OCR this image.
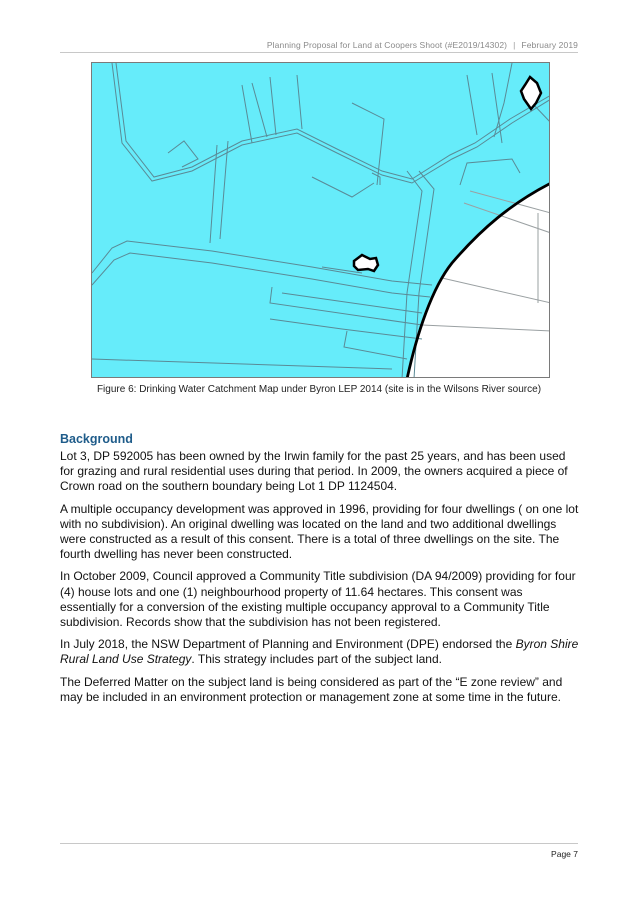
Planning Proposal for Land at Coopers Shoot (#E2019/14302) | February 2019
Figure 6: Drinking Water Catchment Map under Byron LEP 2014 (site is in the Wilsons River source)
Background

Lot 3, DP 592005 has been owned by the Irwin family for the past 25 years, and has been used for grazing and rural residential uses during that period. In 2009, the owners acquired a piece of Crown road on the southern boundary being Lot 1 DP 1124504.

A multiple occupancy development was approved in 1996, providing for four dwellings ( on one lot with no subdivision). An original dwelling was located on the land and two additional dwellings were constructed as a result of this consent. There is a total of three dwellings on the site. The fourth dwelling has never been constructed.

In October 2009, Council approved a Community Title subdivision (DA 94/2009) providing for four (4) house lots and one (1) neighbourhood property of 11.64 hectares. This consent was essentially for a conversion of the existing multiple occupancy approval to a Community Title subdivision. Records show that the subdivision has not been registered.

In July 2018, the NSW Department of Planning and Environment (DPE) endorsed the Byron Shire Rural Land Use Strategy. This strategy includes part of the subject land.

The Deferred Matter on the subject land is being considered as part of the “E zone review” and may be included in an environment protection or management zone at some time in the future.

Page 7
